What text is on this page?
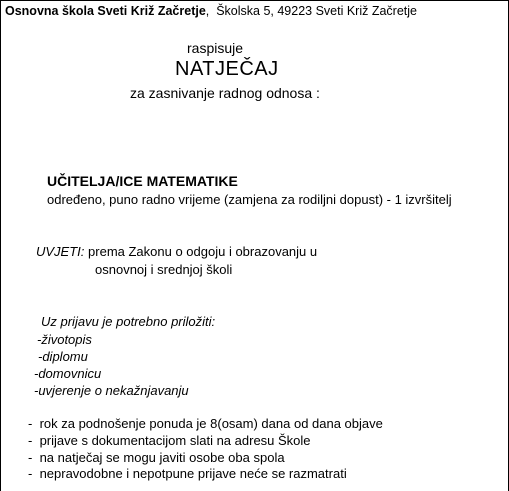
Osnovna škola Sveti Križ Začretje,  Školska 5, 49223 Sveti Križ Začretje
raspisuje
NATJEČAJ
za zasnivanje radnog odnosa :
UČITELJA/ICE MATEMATIKE
određeno, puno radno vrijeme (zamjena za rodiljni dopust) - 1 izvršitelj
UVJETI: prema Zakonu o odgoju i obrazovanju u
osnovnoj i srednjoj školi
Uz prijavu je potrebno priložiti:
-životopis
-diplomu
-domovnicu
-uvjerenje o nekažnjavanju
-  rok za podnošenje ponuda je 8(osam) dana od dana objave
-  prijave s dokumentacijom slati na adresu Škole
-  na natječaj se mogu javiti osobe oba spola
-  nepravodobne i nepotpune prijave neće se razmatrati
